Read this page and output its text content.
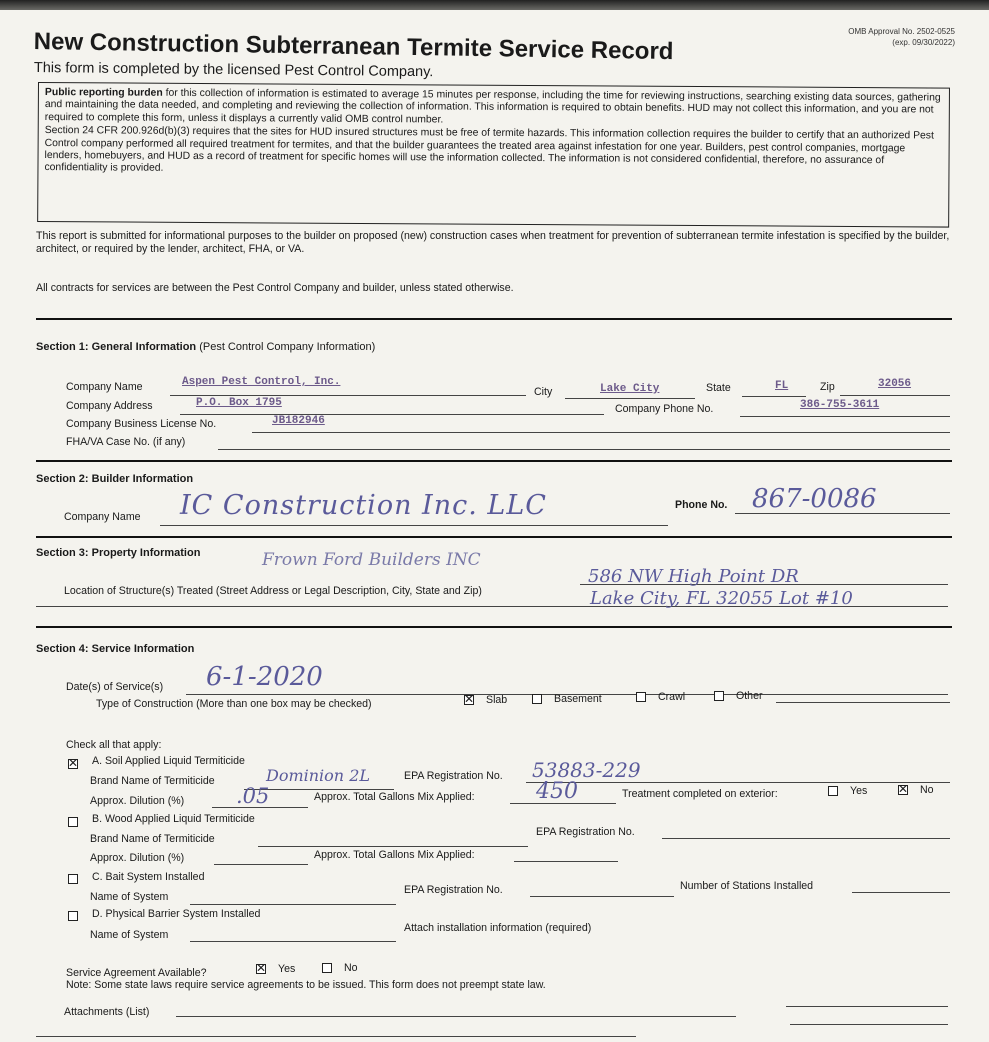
New Construction Subterranean Termite Service Record
This form is completed by the licensed Pest Control Company.
OMB Approval No. 2502-0525
(exp. 09/30/2022)

Public reporting burden for this collection of information is estimated to average 15 minutes per response, including the time for reviewing instructions, searching existing data sources, gathering and maintaining the data needed, and completing and reviewing the collection of information. This information is required to obtain benefits. HUD may not collect this information, and you are not required to complete this form, unless it displays a currently valid OMB control number.

Section 24 CFR 200.926d(b)(3) requires that the sites for HUD insured structures must be free of termite hazards. This information collection requires the builder to certify that an authorized Pest Control company performed all required treatment for termites, and that the builder guarantees the treated area against infestation for one year. Builders, pest control companies, mortgage lenders, homebuyers, and HUD as a record of treatment for specific homes will use the information collected. The information is not considered confidential, therefore, no assurance of confidentiality is provided.

This report is submitted for informational purposes to the builder on proposed (new) construction cases when treatment for prevention of subterranean termite infestation is specified by the builder, architect, or required by the lender, architect, FHA, or VA.
All contracts for services are between the Pest Control Company and builder, unless stated otherwise.
Section 1: General Information (Pest Control Company Information)
Company Name	Aspen Pest Control, Inc.
City	Lake City	State	FL	Zip	32056
Company Address	P.O. Box 1795	Company Phone No.	386-755-3611
Company Business License No.	JB182946
FHA/VA Case No. (if any)
Section 2: Builder Information
Company Name IC Construction Inc. LLC	Phone No. 867-0086
Section 3: Property Information	Frown Ford Builders INC
Location of Structure(s) Treated (Street Address or Legal Description, City, State and Zip)
586 NW High Point DR
Lake City, FL 32055 Lot #10
Section 4: Service Information
Date(s) of Service(s) 6-1-2020
Type of Construction (More than one box may be checked) ✕	Slab	Basement	Crawl	Other
Check all that apply:
✕
A. Soil Applied Liquid Termiticide
Brand Name of Termiticide	Dominion 2L	EPA Registration No. 53883-229
Approx. Dilution (%) .05	Approx. Total Gallons Mix Applied:	450	Treatment completed on exterior:	Yes ✕	No
B. Wood Applied Liquid Termiticide
Brand Name of Termiticide
EPA Registration No.
Approx. Dilution (%)	Approx. Total Gallons Mix Applied:
C. Bait System Installed
Name of System
EPA Registration No.	Number of Stations Installed
D. Physical Barrier System Installed
Name of System
Attach installation information (required)
Service Agreement Available? ✕	Yes	No
Note: Some state laws require service agreements to be issued. This form does not preempt state law.
Attachments (List)
